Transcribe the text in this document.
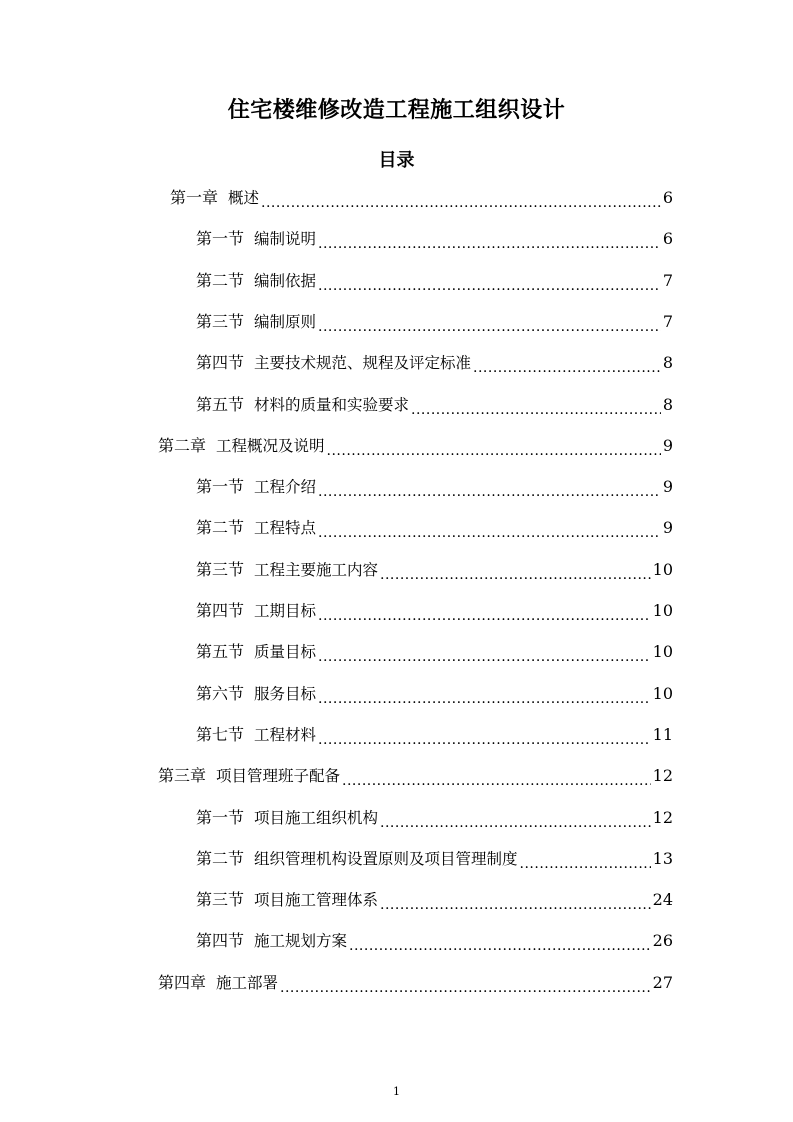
住宅楼维修改造工程施工组织设计
目录
第一章 概述 .....	6
第一节 编制说明 .....	6
第二节 编制依据 .....	7
第三节 编制原则 .....	7
第四节 主要技术规范、规程及评定标准 .....	8
第五节 材料的质量和实验要求 .....	8
第二章 工程概况及说明 .....	9
第一节 工程介绍 .....	9
第二节 工程特点 .....	9
第三节 工程主要施工内容 .....	10
第四节 工期目标 .....	10
第五节 质量目标 .....	10
第六节 服务目标 .....	10
第七节 工程材料 .....	11
第三章 项目管理班子配备 .....	12
第一节 项目施工组织机构 .....	12
第二节 组织管理机构设置原则及项目管理制度 .....	13
第三节 项目施工管理体系 .....	24
第四节 施工规划方案 .....	26
第四章 施工部署 .....	27
1
